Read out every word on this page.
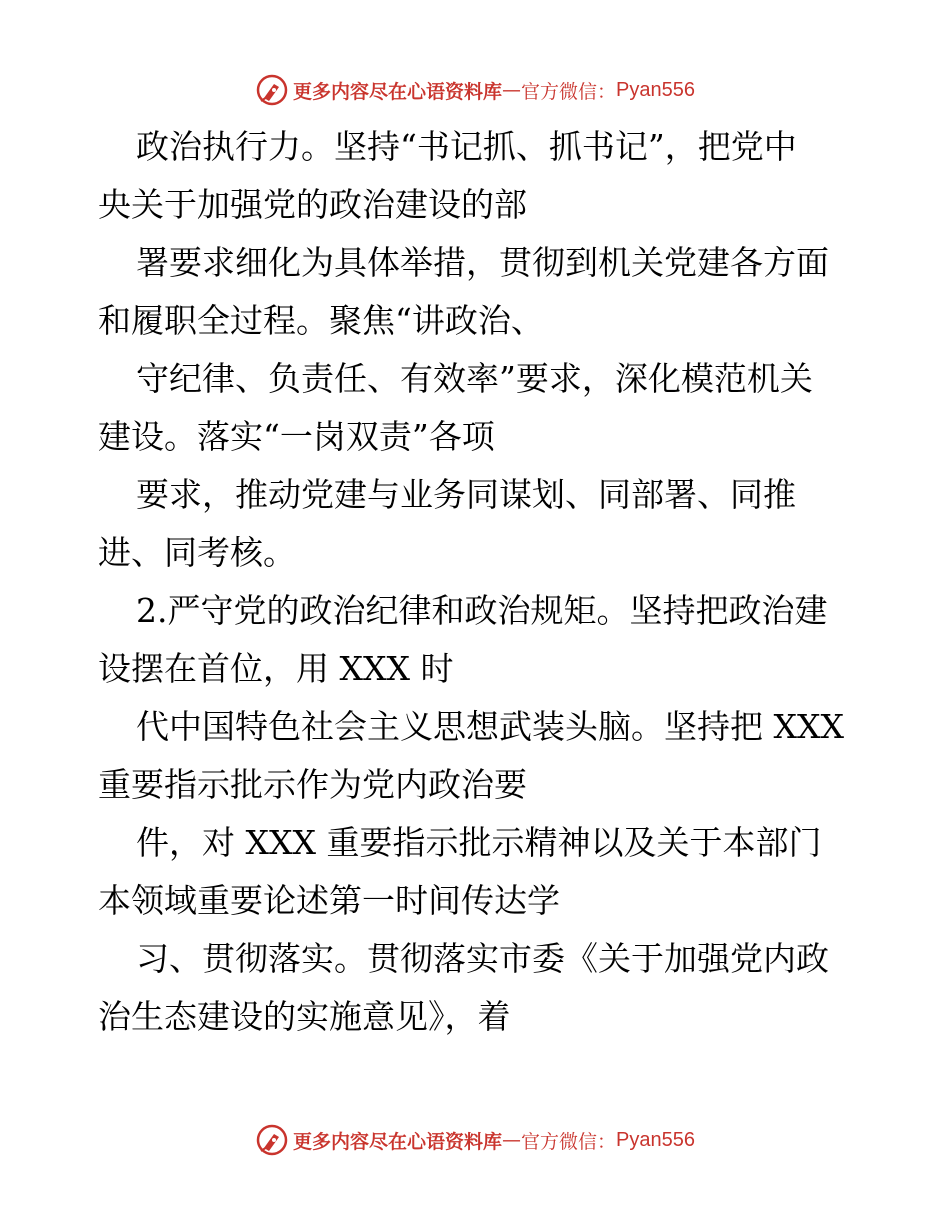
更多内容尽在心语资料库 — 官方微信： Pyan556
政治执行力。坚持“书记抓、抓书记”，把党中
央关于加强党的政治建设的部
署要求细化为具体举措，贯彻到机关党建各方面
和履职全过程。聚焦“讲政治、
守纪律、负责任、有效率”要求，深化模范机关
建设。落实“一岗双责”各项
要求，推动党建与业务同谋划、同部署、同推
进、同考核。
2.严守党的政治纪律和政治规矩。坚持把政治建
设摆在首位，用 XXX 时
代中国特色社会主义思想武装头脑。坚持把 XXX
重要指示批示作为党内政治要
件，对 XXX 重要指示批示精神以及关于本部门
本领域重要论述第一时间传达学
习、贯彻落实。贯彻落实市委《关于加强党内政
治生态建设的实施意见》，着
更多内容尽在心语资料库 — 官方微信： Pyan556
